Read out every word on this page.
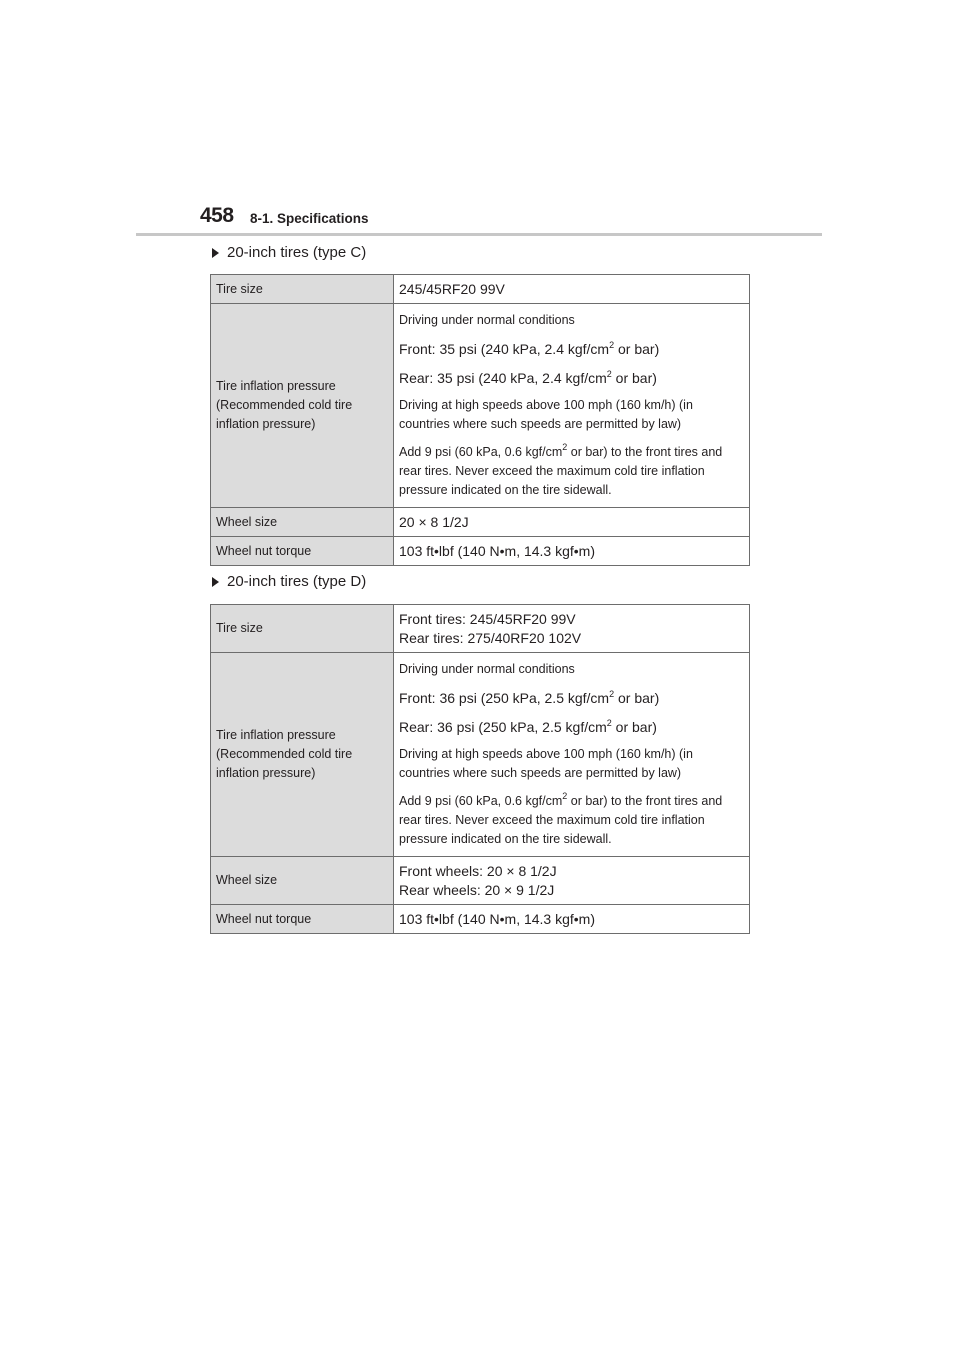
458 8-1. Specifications
20-inch tires (type C)
Tire size	245/45RF20 99V
Tire inflation pressure (Recommended cold tire inflation pressure)	Driving under normal conditions

Front: 35 psi (240 kPa, 2.4 kgf/$cm^2$ or bar)

Rear: 35 psi (240 kPa, 2.4 kgf/$cm^2$ or bar)

Driving at high speeds above 100 mph (160 km/h) (in countries where such speeds are permitted by law)

Add 9 psi (60 kPa, 0.6 kgf/$cm^2$ or bar) to the front tires and rear tires. Never exceed the maximum cold tire inflation pressure indicated on the tire sidewall.

Wheel size	20 × 8 1/2J
Wheel nut torque	103 ft•lbf (140 N•m, 14.3 kgf•m)
20-inch tires (type D)
Tire size	Front tires: 245/45RF20 99V
Rear tires: 275/40RF20 102V

Tire inflation pressure (Recommended cold tire inflation pressure)	Driving under normal conditions

Front: 36 psi (250 kPa, 2.5 kgf/$cm^2$ or bar)

Rear: 36 psi (250 kPa, 2.5 kgf/$cm^2$ or bar)

Driving at high speeds above 100 mph (160 km/h) (in countries where such speeds are permitted by law)

Add 9 psi (60 kPa, 0.6 kgf/$cm^2$ or bar) to the front tires and rear tires. Never exceed the maximum cold tire inflation pressure indicated on the tire sidewall.

Wheel size	Front wheels: 20 × 8 1/2J
Rear wheels: 20 × 9 1/2J

Wheel nut torque	103 ft•lbf (140 N•m, 14.3 kgf•m)
